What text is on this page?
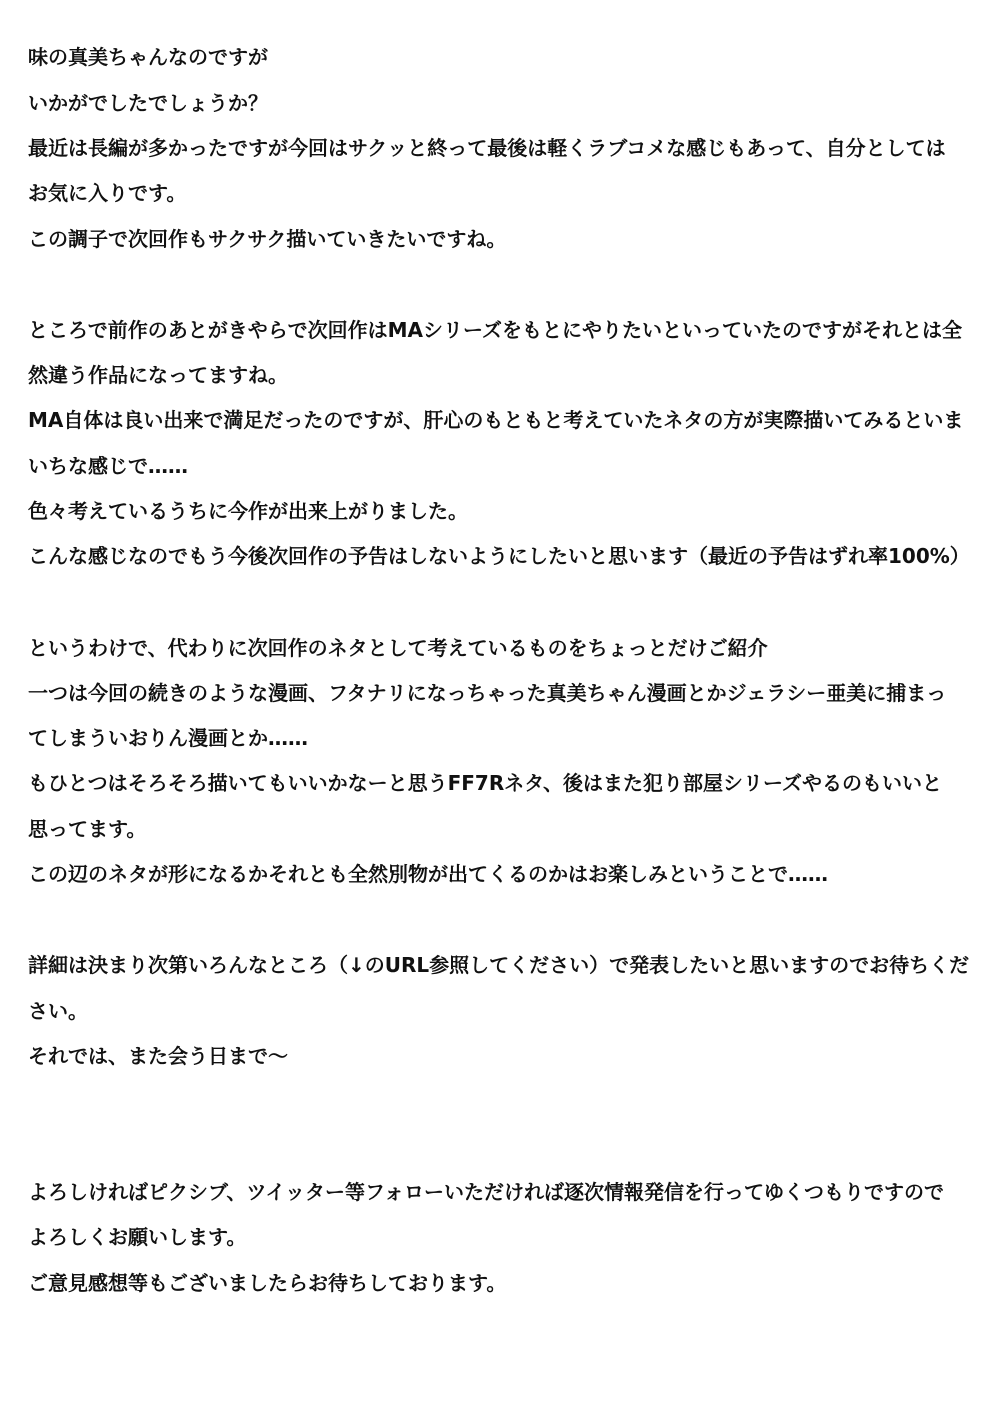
味の真美ちゃんなのですが
いかがでしたでしょうか？
最近は長編が多かったですが今回はサクッと終って最後は軽くラブコメな感じもあって、自分としては
お気に入りです。
この調子で次回作もサクサク描いていきたいですね。
ところで前作のあとがきやらで次回作はMAシリーズをもとにやりたいといっていたのですがそれとは全
然違う作品になってますね。
MA自体は良い出来で満足だったのですが、肝心のもともと考えていたネタの方が実際描いてみるといま
いちな感じで……
色々考えているうちに今作が出来上がりました。
こんな感じなのでもう今後次回作の予告はしないようにしたいと思います（最近の予告はずれ率100%）
というわけで、代わりに次回作のネタとして考えているものをちょっとだけご紹介
一つは今回の続きのような漫画、フタナリになっちゃった真美ちゃん漫画とかジェラシー亜美に捕まっ
てしまういおりん漫画とか……
もひとつはそろそろ描いてもいいかなーと思うFF7Rネタ、後はまた犯り部屋シリーズやるのもいいと
思ってます。
この辺のネタが形になるかそれとも全然別物が出てくるのかはお楽しみということで……
詳細は決まり次第いろんなところ（↓のURL参照してください）で発表したいと思いますのでお待ちくだ
さい。
それでは、また会う日まで～
よろしければピクシブ、ツイッター等フォローいただければ逐次情報発信を行ってゆくつもりですので
よろしくお願いします。
ご意見感想等もございましたらお待ちしております。
